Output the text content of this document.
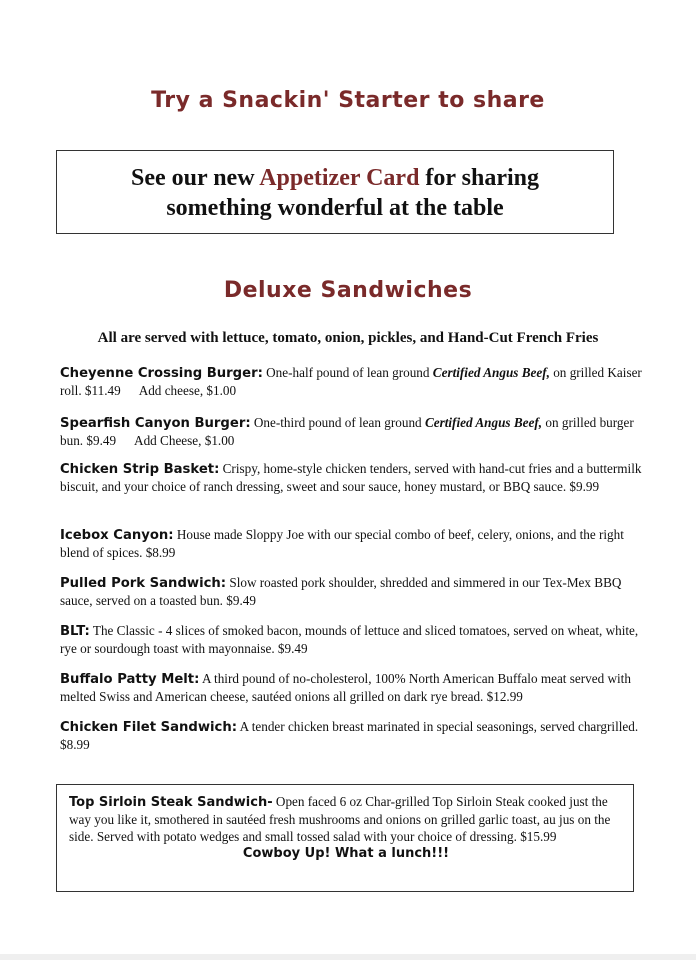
Try a Snackin' Starter to share
See our new Appetizer Card for sharing
something wonderful at the table
Deluxe Sandwiches
All are served with lettuce, tomato, onion, pickles, and Hand-Cut French Fries

Cheyenne Crossing Burger: One-half pound of lean ground Certified Angus Beef, on grilled Kaiser roll. $11.49 Add cheese, $1.00

Spearfish Canyon Burger: One-third pound of lean ground Certified Angus Beef, on grilled burger bun. $9.49 Add Cheese, $1.00

Chicken Strip Basket: Crispy, home-style chicken tenders, served with hand-cut fries and a buttermilk biscuit, and your choice of ranch dressing, sweet and sour sauce, honey mustard, or BBQ sauce. $9.99

Icebox Canyon: House made Sloppy Joe with our special combo of beef, celery, onions, and the right blend of spices. $8.99

Pulled Pork Sandwich: Slow roasted pork shoulder, shredded and simmered in our Tex-Mex BBQ sauce, served on a toasted bun. $9.49

BLT: The Classic - 4 slices of smoked bacon, mounds of lettuce and sliced tomatoes, served on wheat, white, rye or sourdough toast with mayonnaise. $9.49

Buffalo Patty Melt: A third pound of no-cholesterol, 100% North American Buffalo meat served with melted Swiss and American cheese, sautéed onions all grilled on dark rye bread. $12.99

Chicken Filet Sandwich: A tender chicken breast marinated in special seasonings, served chargrilled. $8.99

Top Sirloin Steak Sandwich- Open faced 6 oz Char-grilled Top Sirloin Steak cooked just the way you like it, smothered in sautéed fresh mushrooms and onions on grilled garlic toast, au jus on the side. Served with potato wedges and small tossed salad with your choice of dressing. $15.99
Cowboy Up! What a lunch!!!
